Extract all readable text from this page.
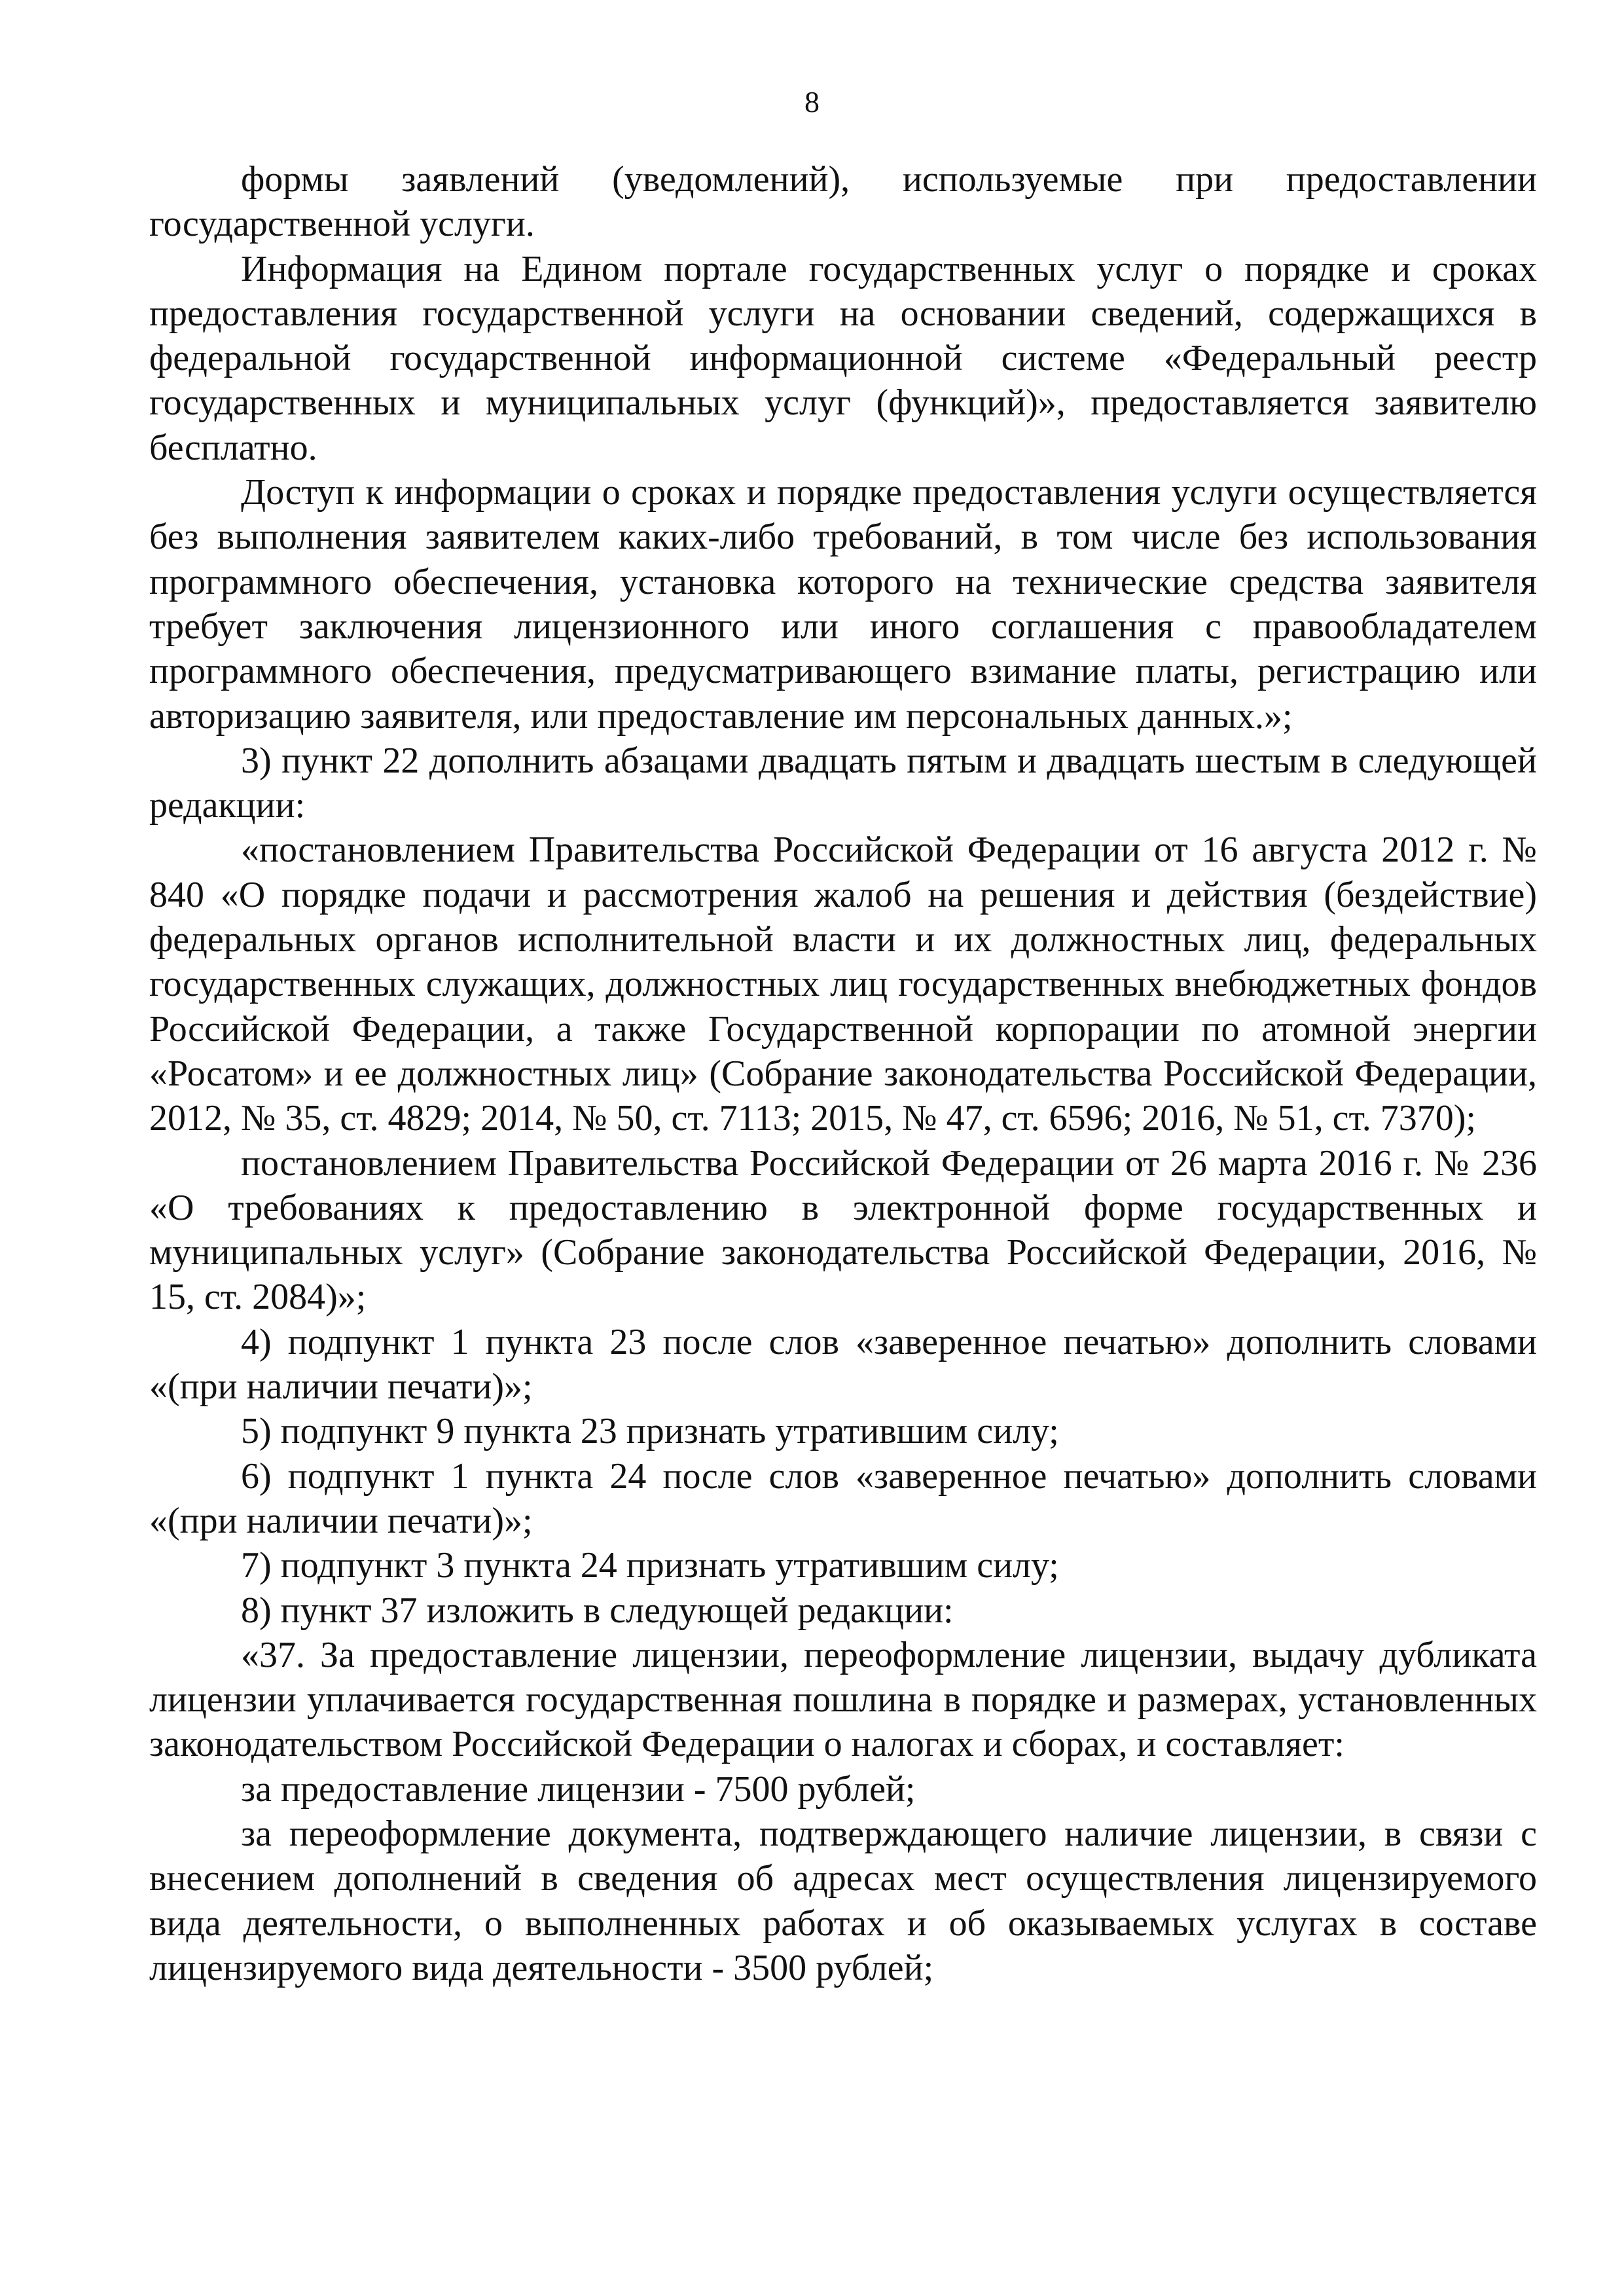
8

формы заявлений (уведомлений), используемые при предоставлении государственной услуги.

Информация на Едином портале государственных услуг о порядке и сроках предоставления государственной услуги на основании сведений, содержащихся в федеральной государственной информационной системе «Федеральный реестр государственных и муниципальных услуг (функций)», предоставляется заявителю бесплатно.

Доступ к информации о сроках и порядке предоставления услуги осуществляется без выполнения заявителем каких-либо требований, в том числе без использования программного обеспечения, установка которого на технические средства заявителя требует заключения лицензионного или иного соглашения с правообладателем программного обеспечения, предусматривающего взимание платы, регистрацию или авторизацию заявителя, или предоставление им персональных данных.»;

3) пункт 22 дополнить абзацами двадцать пятым и двадцать шестым в следующей редакции:

«постановлением Правительства Российской Федерации от 16 августа 2012 г. № 840 «О порядке подачи и рассмотрения жалоб на решения и действия (бездействие) федеральных органов исполнительной власти и их должностных лиц, федеральных государственных служащих, должностных лиц государственных внебюджетных фондов Российской Федерации, а также Государственной корпорации по атомной энергии «Росатом» и ее должностных лиц» (Собрание законодательства Российской Федерации, 2012, № 35, ст. 4829; 2014, № 50, ст. 7113; 2015, № 47, ст. 6596; 2016, № 51, ст. 7370);

постановлением Правительства Российской Федерации от 26 марта 2016 г. № 236 «О требованиях к предоставлению в электронной форме государственных и муниципальных услуг» (Собрание законодательства Российской Федерации, 2016, № 15, ст. 2084)»;

4) подпункт 1 пункта 23 после слов «заверенное печатью» дополнить словами «(при наличии печати)»;

5) подпункт 9 пункта 23 признать утратившим силу;

6) подпункт 1 пункта 24 после слов «заверенное печатью» дополнить словами «(при наличии печати)»;

7) подпункт 3 пункта 24 признать утратившим силу;

8) пункт 37 изложить в следующей редакции:

«37. За предоставление лицензии, переоформление лицензии, выдачу дубликата лицензии уплачивается государственная пошлина в порядке и размерах, установленных законодательством Российской Федерации о налогах и сборах, и составляет:

за предоставление лицензии - 7500 рублей;

за переоформление документа, подтверждающего наличие лицензии, в связи с внесением дополнений в сведения об адресах мест осуществления лицензируемого вида деятельности, о выполненных работах и об оказываемых услугах в составе лицензируемого вида деятельности - 3500 рублей;
